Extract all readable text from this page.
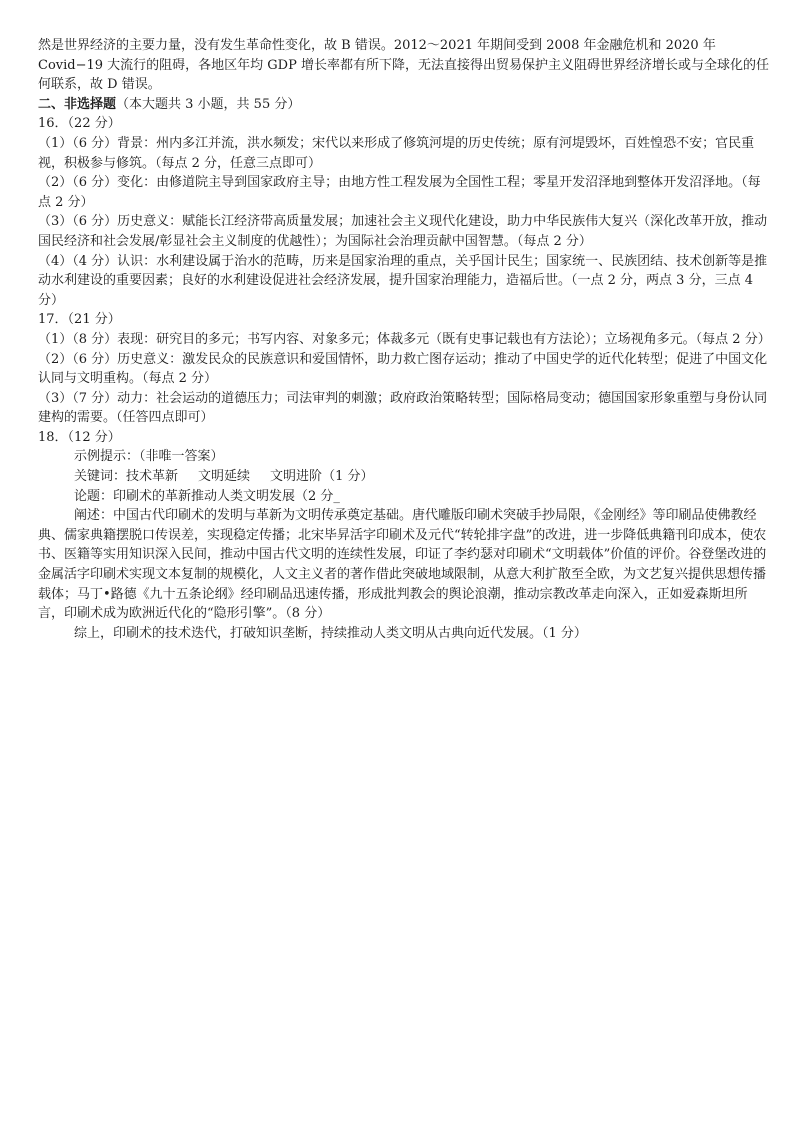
然是世界经济的主要力量，没有发生革命性变化，故 B 错误。2012～2021 年期间受到 2008 年金融危机和 2020 年 Covid−19 大流行的阻碍，各地区年均 GDP 增长率都有所下降，无法直接得出贸易保护主义阻碍世界经济增长或与全球化的任何联系，故 D 错误。

二、非选择题（本大题共 3 小题，共 55 分）

16．（22 分）

（1）（6 分）背景：州内多江并流，洪水频发；宋代以来形成了修筑河堤的历史传统；原有河堤毁坏，百姓惶恐不安；官民重视，积极参与修筑。（每点 2 分，任意三点即可）

（2）（6 分）变化：由修道院主导到国家政府主导；由地方性工程发展为全国性工程；零星开发沼泽地到整体开发沼泽地。（每点 2 分）

（3）（6 分）历史意义：赋能长江经济带高质量发展；加速社会主义现代化建设，助力中华民族伟大复兴（深化改革开放，推动国民经济和社会发展/彰显社会主义制度的优越性）；为国际社会治理贡献中国智慧。（每点 2 分）

（4）（4 分）认识：水利建设属于治水的范畴，历来是国家治理的重点，关乎国计民生；国家统一、民族团结、技术创新等是推动水利建设的重要因素；良好的水利建设促进社会经济发展，提升国家治理能力，造福后世。（一点 2 分，两点 3 分，三点 4 分）

17．（21 分）

（1）（8 分）表现：研究目的多元；书写内容、对象多元；体裁多元（既有史事记载也有方法论）；立场视角多元。（每点 2 分）

（2）（6 分）历史意义：激发民众的民族意识和爱国情怀，助力救亡图存运动；推动了中国史学的近代化转型；促进了中国文化认同与文明重构。（每点 2 分）

（3）（7 分）动力：社会运动的道德压力；司法审判的刺激；政府政治策略转型；国际格局变动；德国国家形象重塑与身份认同建构的需要。（任答四点即可）

18．（12 分）

示例提示：（非唯一答案）

关键词：技术革新 文明延续 文明进阶（1 分）

论题：印刷术的革新推动人类文明发展（2 分_

阐述：中国古代印刷术的发明与革新为文明传承奠定基础。唐代雕版印刷术突破手抄局限，《金刚经》等印刷品使佛教经典、儒家典籍摆脱口传误差，实现稳定传播；北宋毕昇活字印刷术及元代“转轮排字盘”的改进，进一步降低典籍刊印成本，使农书、医籍等实用知识深入民间，推动中国古代文明的连续性发展，印证了李约瑟对印刷术“文明载体”价值的评价。谷登堡改进的金属活字印刷术实现文本复制的规模化，人文主义者的著作借此突破地域限制，从意大利扩散至全欧，为文艺复兴提供思想传播载体；马丁•路德《九十五条论纲》经印刷品迅速传播，形成批判教会的舆论浪潮，推动宗教改革走向深入，正如爱森斯坦所言，印刷术成为欧洲近代化的“隐形引擎”。（8 分）

综上，印刷术的技术迭代，打破知识垄断，持续推动人类文明从古典向近代发展。（1 分）
